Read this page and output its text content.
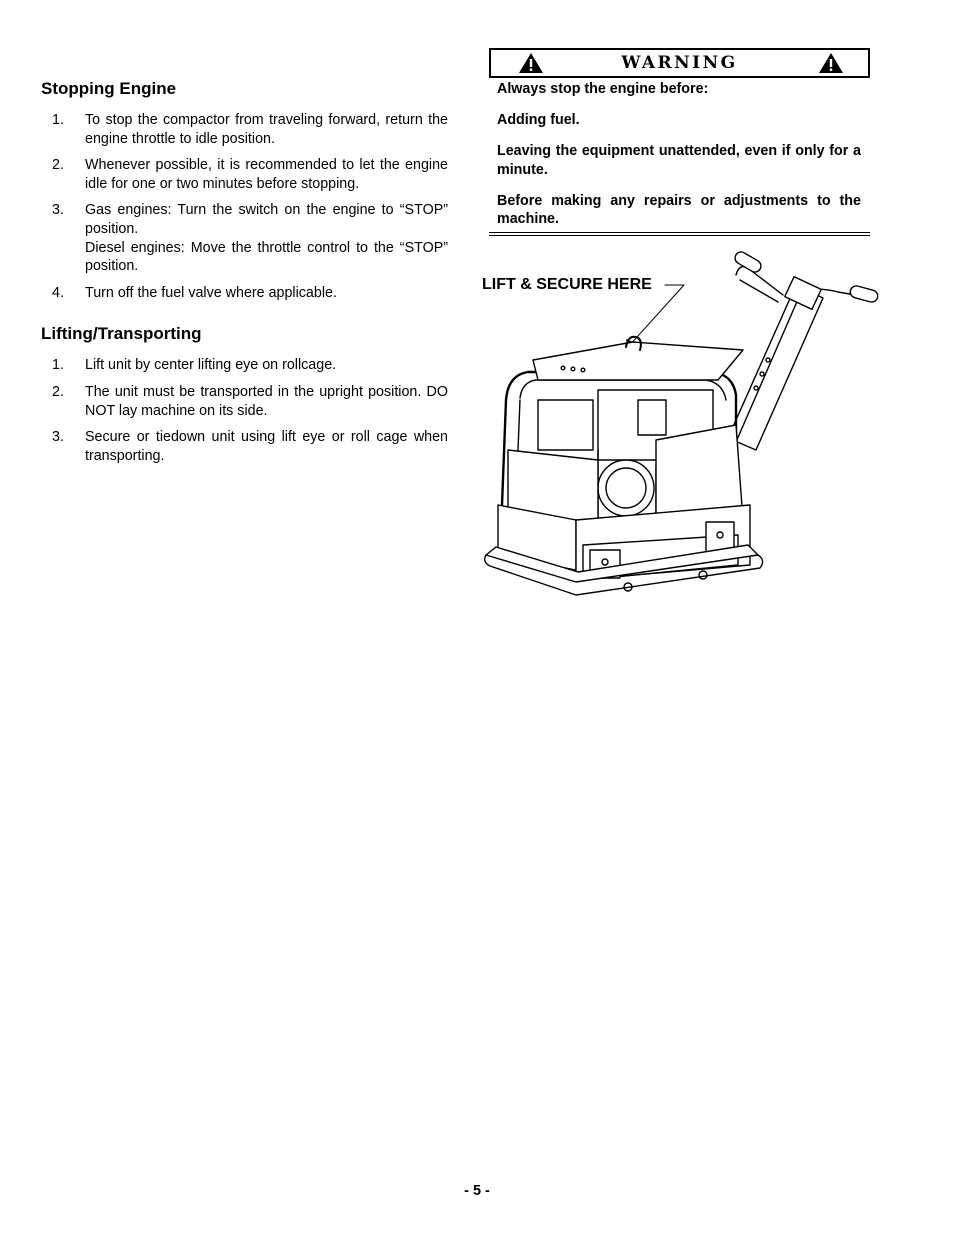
Stopping Engine
1. To stop the compactor from traveling forward, return the engine throttle to idle position.
2. Whenever possible, it is recommended to let the engine idle for one or two minutes before stopping.
3. Gas engines: Turn the switch on the engine to “STOP” position.
Diesel engines: Move the throttle control to the “STOP” position.
4. Turn off the fuel valve where applicable.
Lifting/Transporting
1. Lift unit by center lifting eye on rollcage.
2. The unit must be transported in the upright position. DO NOT lay machine on its side.
3. Secure or tiedown unit using lift eye or roll cage when transporting.
WARNING

Always stop the engine before:

Adding fuel.

Leaving the equipment unattended, even if only for a minute.

Before making any repairs or adjustments to the machine.

LIFT & SECURE HERE
- 5 -
